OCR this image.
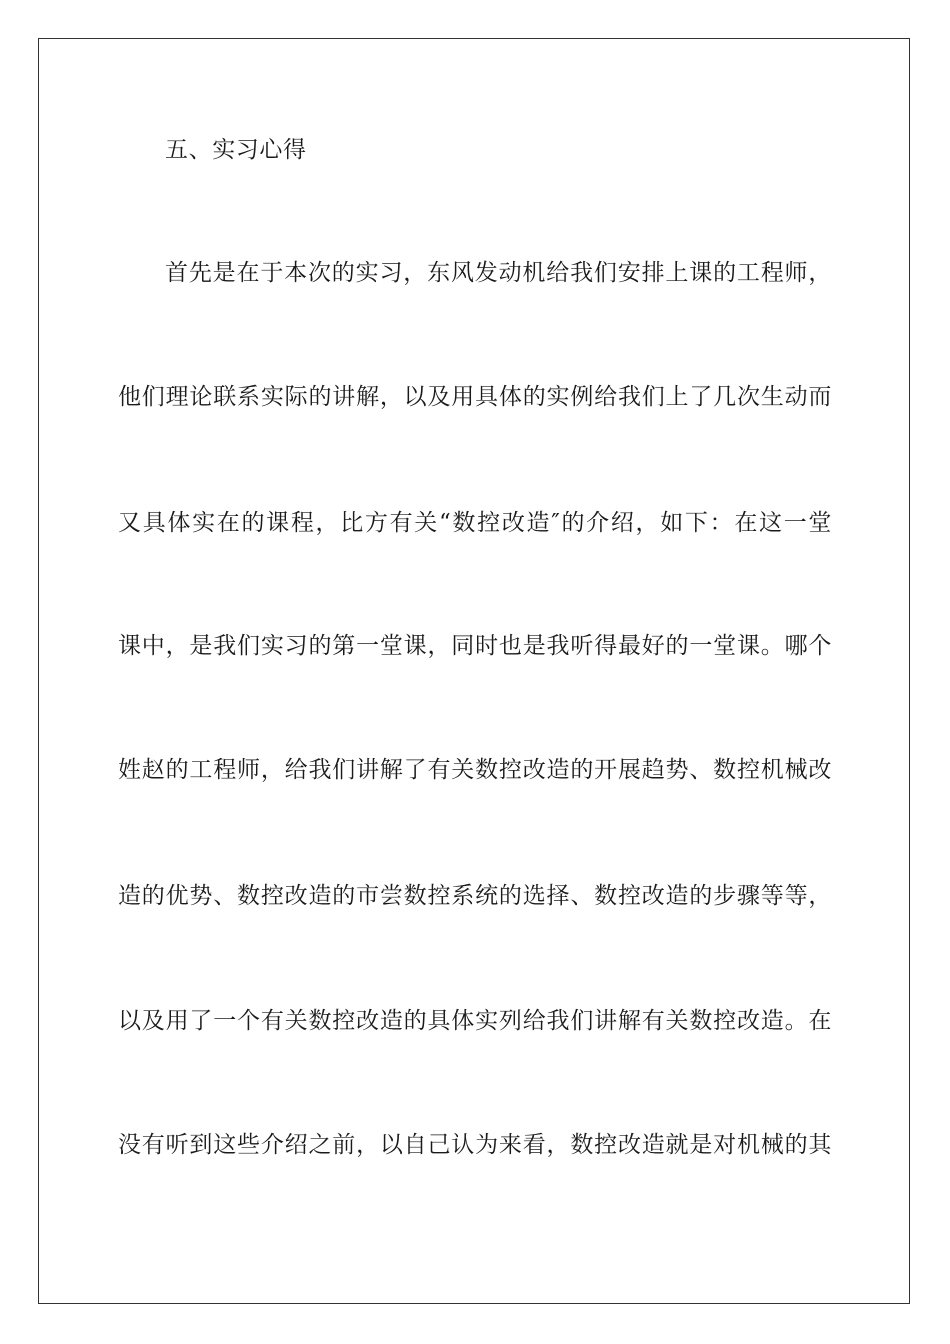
五、实习心得
首先是在于本次的实习，东风发动机给我们安排上课的工程师，
他们理论联系实际的讲解，以及用具体的实例给我们上了几次生动而
又具体实在的课程，比方有关“数控改造″的介绍，如下：在这一堂
课中，是我们实习的第一堂课，同时也是我听得最好的一堂课。哪个
姓赵的工程师，给我们讲解了有关数控改造的开展趋势、数控机械改
造的优势、数控改造的市尝数控系统的选择、数控改造的步骤等等，
以及用了一个有关数控改造的具体实列给我们讲解有关数控改造。在
没有听到这些介绍之前，以自己认为来看，数控改造就是对机械的其
